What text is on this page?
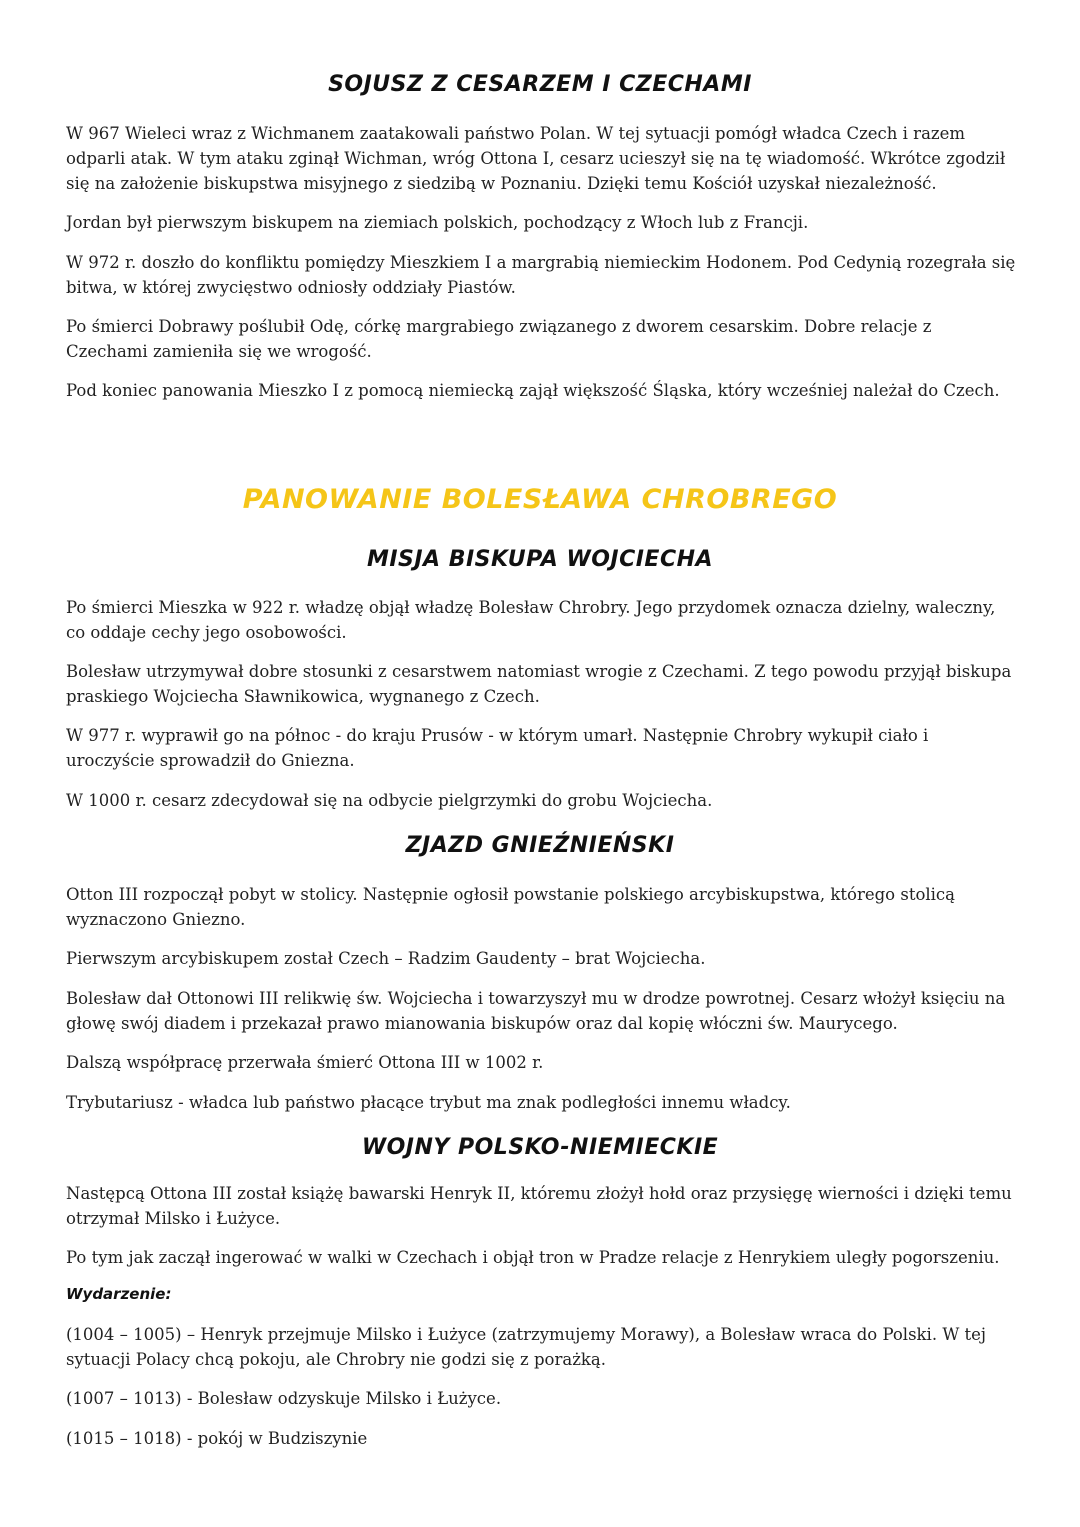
SOJUSZ Z CESARZEM I CZECHAMI

W 967 Wieleci wraz z Wichmanem zaatakowali państwo Polan. W tej sytuacji pomógł władca Czech i razem odparli atak. W tym ataku zginął Wichman, wróg Ottona I, cesarz ucieszył się na tę wiadomość. Wkrótce zgodził się na założenie biskupstwa misyjnego z siedzibą w Poznaniu. Dzięki temu Kościół uzyskał niezależność.

Jordan był pierwszym biskupem na ziemiach polskich, pochodzący z Włoch lub z Francji.

W 972 r. doszło do konfliktu pomiędzy Mieszkiem I a margrabią niemieckim Hodonem. Pod Cedynią rozegrała się bitwa, w której zwycięstwo odniosły oddziały Piastów.

Po śmierci Dobrawy poślubił Odę, córkę margrabiego związanego z dworem cesarskim. Dobre relacje z Czechami zamieniła się we wrogość.

Pod koniec panowania Mieszko I z pomocą niemiecką zajął większość Śląska, który wcześniej należał do Czech.

PANOWANIE BOLESŁAWA CHROBREGO
MISJA BISKUPA WOJCIECHA

Po śmierci Mieszka w 922 r. władzę objął władzę Bolesław Chrobry. Jego przydomek oznacza dzielny, waleczny, co oddaje cechy jego osobowości.

Bolesław utrzymywał dobre stosunki z cesarstwem natomiast wrogie z Czechami. Z tego powodu przyjął biskupa praskiego Wojciecha Sławnikowica, wygnanego z Czech.

W 977 r. wyprawił go na północ - do kraju Prusów - w którym umarł. Następnie Chrobry wykupił ciało i uroczyście sprowadził do Gniezna.

W 1000 r. cesarz zdecydował się na odbycie pielgrzymki do grobu Wojciecha.

ZJAZD GNIEŹNIEŃSKI

Otton III rozpoczął pobyt w stolicy. Następnie ogłosił powstanie polskiego arcybiskupstwa, którego stolicą wyznaczono Gniezno.

Pierwszym arcybiskupem został Czech – Radzim Gaudenty – brat Wojciecha.

Bolesław dał Ottonowi III relikwię św. Wojciecha i towarzyszył mu w drodze powrotnej. Cesarz włożył księciu na głowę swój diadem i przekazał prawo mianowania biskupów oraz dal kopię włóczni św. Maurycego.

Dalszą współpracę przerwała śmierć Ottona III w 1002 r.

Trybutariusz - władca lub państwo płacące trybut ma znak podległości innemu władcy.

WOJNY POLSKO-NIEMIECKIE

Następcą Ottona III został książę bawarski Henryk II, któremu złożył hołd oraz przysięgę wierności i dzięki temu otrzymał Milsko i Łużyce.

Po tym jak zaczął ingerować w walki w Czechach i objął tron w Pradze relacje z Henrykiem uległy pogorszeniu.

Wydarzenie:

(1004 – 1005) – Henryk przejmuje Milsko i Łużyce (zatrzymujemy Morawy), a Bolesław wraca do Polski. W tej sytuacji Polacy chcą pokoju, ale Chrobry nie godzi się z porażką.

(1007 – 1013) - Bolesław odzyskuje Milsko i Łużyce.

(1015 – 1018) - pokój w Budziszynie
